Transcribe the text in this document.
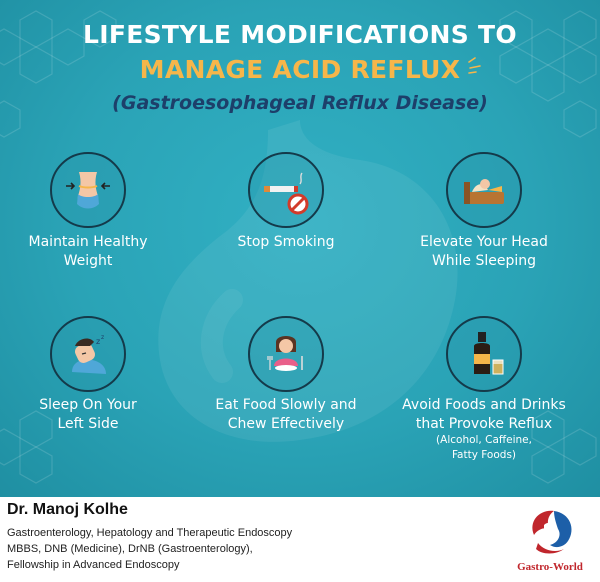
LIFESTYLE MODIFICATIONS TO
MANAGE ACID REFLUX
(Gastroesophageal Reflux Disease)
Maintain Healthy
Weight
Stop Smoking	Elevate Your Head
While Sleeping
z z
Sleep On Your
Left Side
Eat Food Slowly and
Chew Effectively
Avoid Foods and Drinks
that Provoke Reflux
(Alcohol, Caffeine,
Fatty Foods)
Dr. Manoj Kolhe
Gastroenterology, Hepatology and Therapeutic Endoscopy
MBBS, DNB (Medicine), DrNB (Gastroenterology),
Fellowship in Advanced Endoscopy	Gastro-World
